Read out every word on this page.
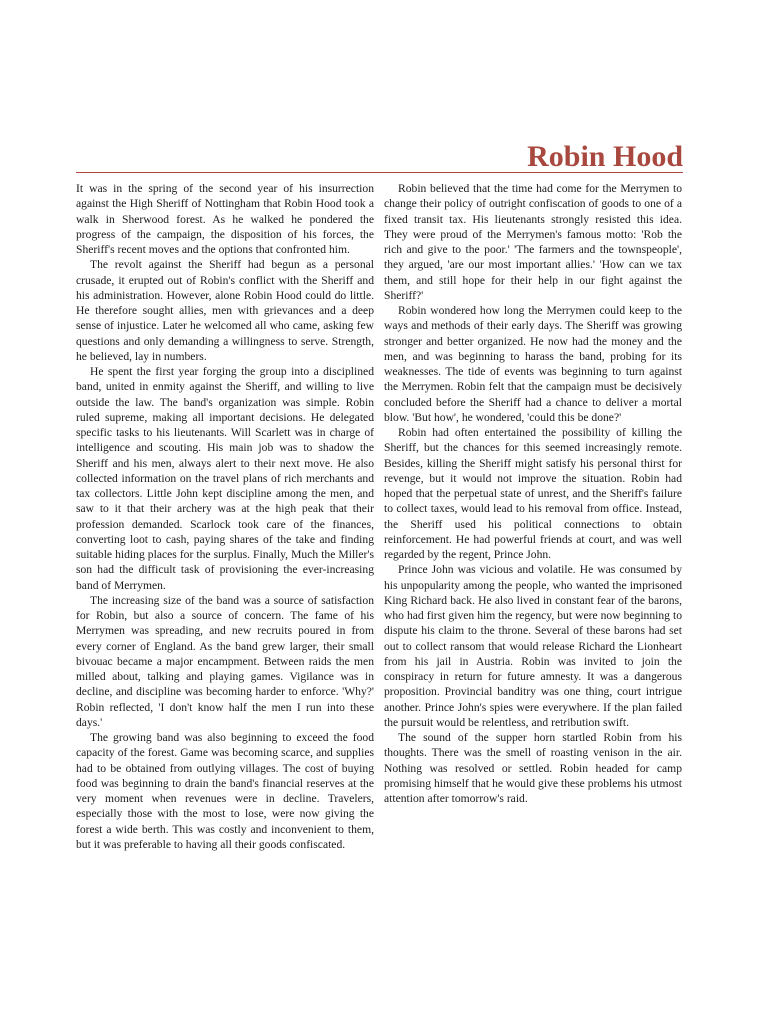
Robin Hood

It was in the spring of the second year of his insurrection against the High Sheriff of Nottingham that Robin Hood took a walk in Sherwood forest. As he walked he pondered the progress of the campaign, the disposition of his forces, the Sheriff's recent moves and the options that confronted him.

The revolt against the Sheriff had begun as a personal crusade, it erupted out of Robin's conflict with the Sheriff and his administration. However, alone Robin Hood could do little. He therefore sought allies, men with grievances and a deep sense of injustice. Later he welcomed all who came, asking few questions and only demanding a willingness to serve. Strength, he believed, lay in numbers.

He spent the first year forging the group into a disciplined band, united in enmity against the Sheriff, and willing to live outside the law. The band's organization was simple. Robin ruled supreme, making all important decisions. He delegated specific tasks to his lieutenants. Will Scarlett was in charge of intelligence and scouting. His main job was to shadow the Sheriff and his men, always alert to their next move. He also collected information on the travel plans of rich merchants and tax collectors. Little John kept discipline among the men, and saw to it that their archery was at the high peak that their profession demanded. Scarlock took care of the finances, converting loot to cash, paying shares of the take and finding suitable hiding places for the surplus. Finally, Much the Miller's son had the difficult task of provisioning the ever-increasing band of Merrymen.

The increasing size of the band was a source of satisfaction for Robin, but also a source of concern. The fame of his Merrymen was spreading, and new recruits poured in from every corner of England. As the band grew larger, their small bivouac became a major encampment. Between raids the men milled about, talking and playing games. Vigilance was in decline, and discipline was becoming harder to enforce. 'Why?' Robin reflected, 'I don't know half the men I run into these days.'

The growing band was also beginning to exceed the food capacity of the forest. Game was becoming scarce, and supplies had to be obtained from outlying villages. The cost of buying food was beginning to drain the band's financial reserves at the very moment when revenues were in decline. Travelers, especially those with the most to lose, were now giving the forest a wide berth. This was costly and inconvenient to them, but it was preferable to having all their goods confiscated.

Robin believed that the time had come for the Merrymen to change their policy of outright confiscation of goods to one of a fixed transit tax. His lieutenants strongly resisted this idea. They were proud of the Merrymen's famous motto: 'Rob the rich and give to the poor.' 'The farmers and the townspeople', they argued, 'are our most important allies.' 'How can we tax them, and still hope for their help in our fight against the Sheriff?'

Robin wondered how long the Merrymen could keep to the ways and methods of their early days. The Sheriff was growing stronger and better organized. He now had the money and the men, and was beginning to harass the band, probing for its weaknesses. The tide of events was beginning to turn against the Merrymen. Robin felt that the campaign must be decisively concluded before the Sheriff had a chance to deliver a mortal blow. 'But how', he wondered, 'could this be done?'

Robin had often entertained the possibility of killing the Sheriff, but the chances for this seemed increasingly remote. Besides, killing the Sheriff might satisfy his personal thirst for revenge, but it would not improve the situation. Robin had hoped that the perpetual state of unrest, and the Sheriff's failure to collect taxes, would lead to his removal from office. Instead, the Sheriff used his political connections to obtain reinforcement. He had powerful friends at court, and was well regarded by the regent, Prince John.

Prince John was vicious and volatile. He was consumed by his unpopularity among the people, who wanted the imprisoned King Richard back. He also lived in constant fear of the barons, who had first given him the regency, but were now beginning to dispute his claim to the throne. Several of these barons had set out to collect ransom that would release Richard the Lionheart from his jail in Austria. Robin was invited to join the conspiracy in return for future amnesty. It was a dangerous proposition. Provincial banditry was one thing, court intrigue another. Prince John's spies were everywhere. If the plan failed the pursuit would be relentless, and retribution swift.

The sound of the supper horn startled Robin from his thoughts. There was the smell of roasting venison in the air. Nothing was resolved or settled. Robin headed for camp promising himself that he would give these problems his utmost attention after tomorrow's raid.
